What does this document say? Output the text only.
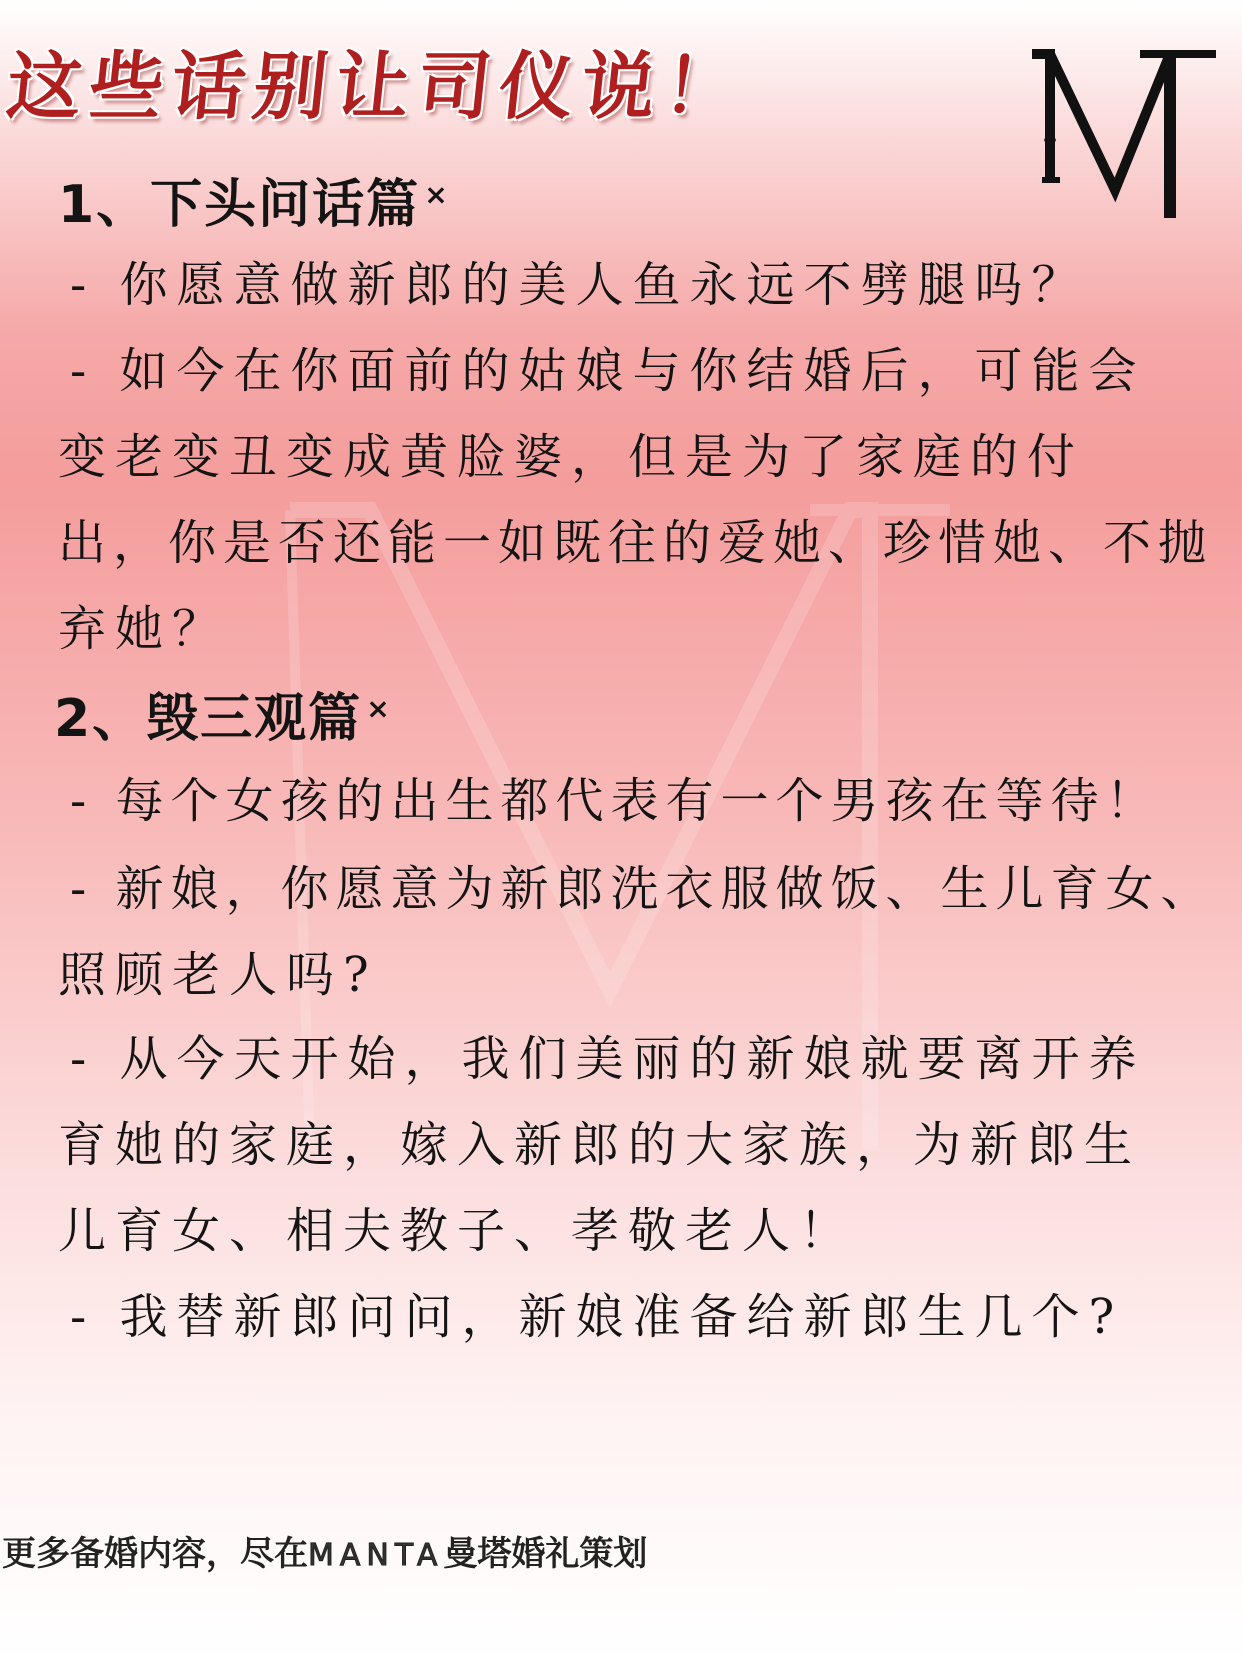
这些话别让司仪说！
1、下头问话篇 ×
- 你愿意做新郎的美人鱼永远不劈腿吗？
- 如今在你面前的姑娘与你结婚后，可能会
变老变丑变成黄脸婆，但是为了家庭的付
出，你是否还能一如既往的爱她、珍惜她、不抛
弃她？
2、毁三观篇 ×
- 每个女孩的出生都代表有一个男孩在等待！
- 新娘，你愿意为新郎洗衣服做饭、生儿育女、
照顾老人吗?
- 从今天开始，我们美丽的新娘就要离开养
育她的家庭，嫁入新郎的大家族，为新郎生
儿育女、相夫教子、孝敬老人！
- 我替新郎问问，新娘准备给新郎生几个?
更多备婚内容，尽在MANTA曼塔婚礼策划
